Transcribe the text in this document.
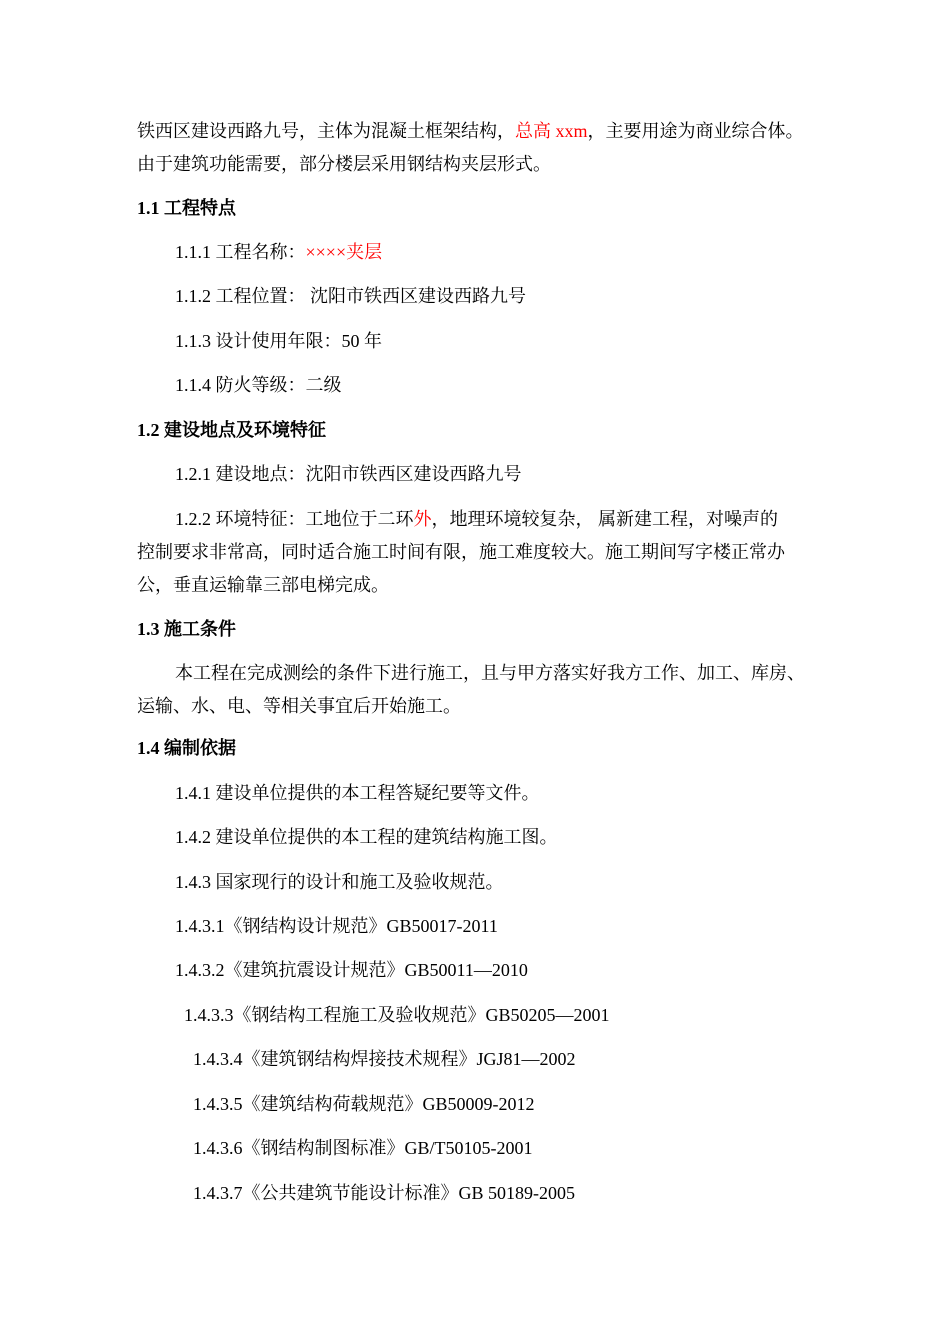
铁西区建设西路九号，主体为混凝土框架结构，总高 xxm，主要用途为商业综合体。
由于建筑功能需要，部分楼层采用钢结构夹层形式。
1.1 工程特点
1.1.1 工程名称：××××夹层
1.1.2 工程位置： 沈阳市铁西区建设西路九号
1.1.3 设计使用年限：50 年
1.1.4 防火等级：二级
1.2 建设地点及环境特征
1.2.1 建设地点：沈阳市铁西区建设西路九号
1.2.2 环境特征：工地位于二环外，地理环境较复杂， 属新建工程，对噪声的
控制要求非常高，同时适合施工时间有限，施工难度较大。施工期间写字楼正常办
公，垂直运输靠三部电梯完成。
1.3 施工条件
本工程在完成测绘的条件下进行施工，且与甲方落实好我方工作、加工、库房、
运输、水、电、等相关事宜后开始施工。
1.4 编制依据
1.4.1 建设单位提供的本工程答疑纪要等文件。
1.4.2 建设单位提供的本工程的建筑结构施工图。
1.4.3 国家现行的设计和施工及验收规范。
1.4.3.1《钢结构设计规范》GB50017-2011
1.4.3.2《建筑抗震设计规范》GB50011—2010
1.4.3.3《钢结构工程施工及验收规范》GB50205—2001
1.4.3.4《建筑钢结构焊接技术规程》JGJ81—2002
1.4.3.5《建筑结构荷载规范》GB50009-2012
1.4.3.6《钢结构制图标准》GB/T50105-2001
1.4.3.7《公共建筑节能设计标准》GB 50189-2005
